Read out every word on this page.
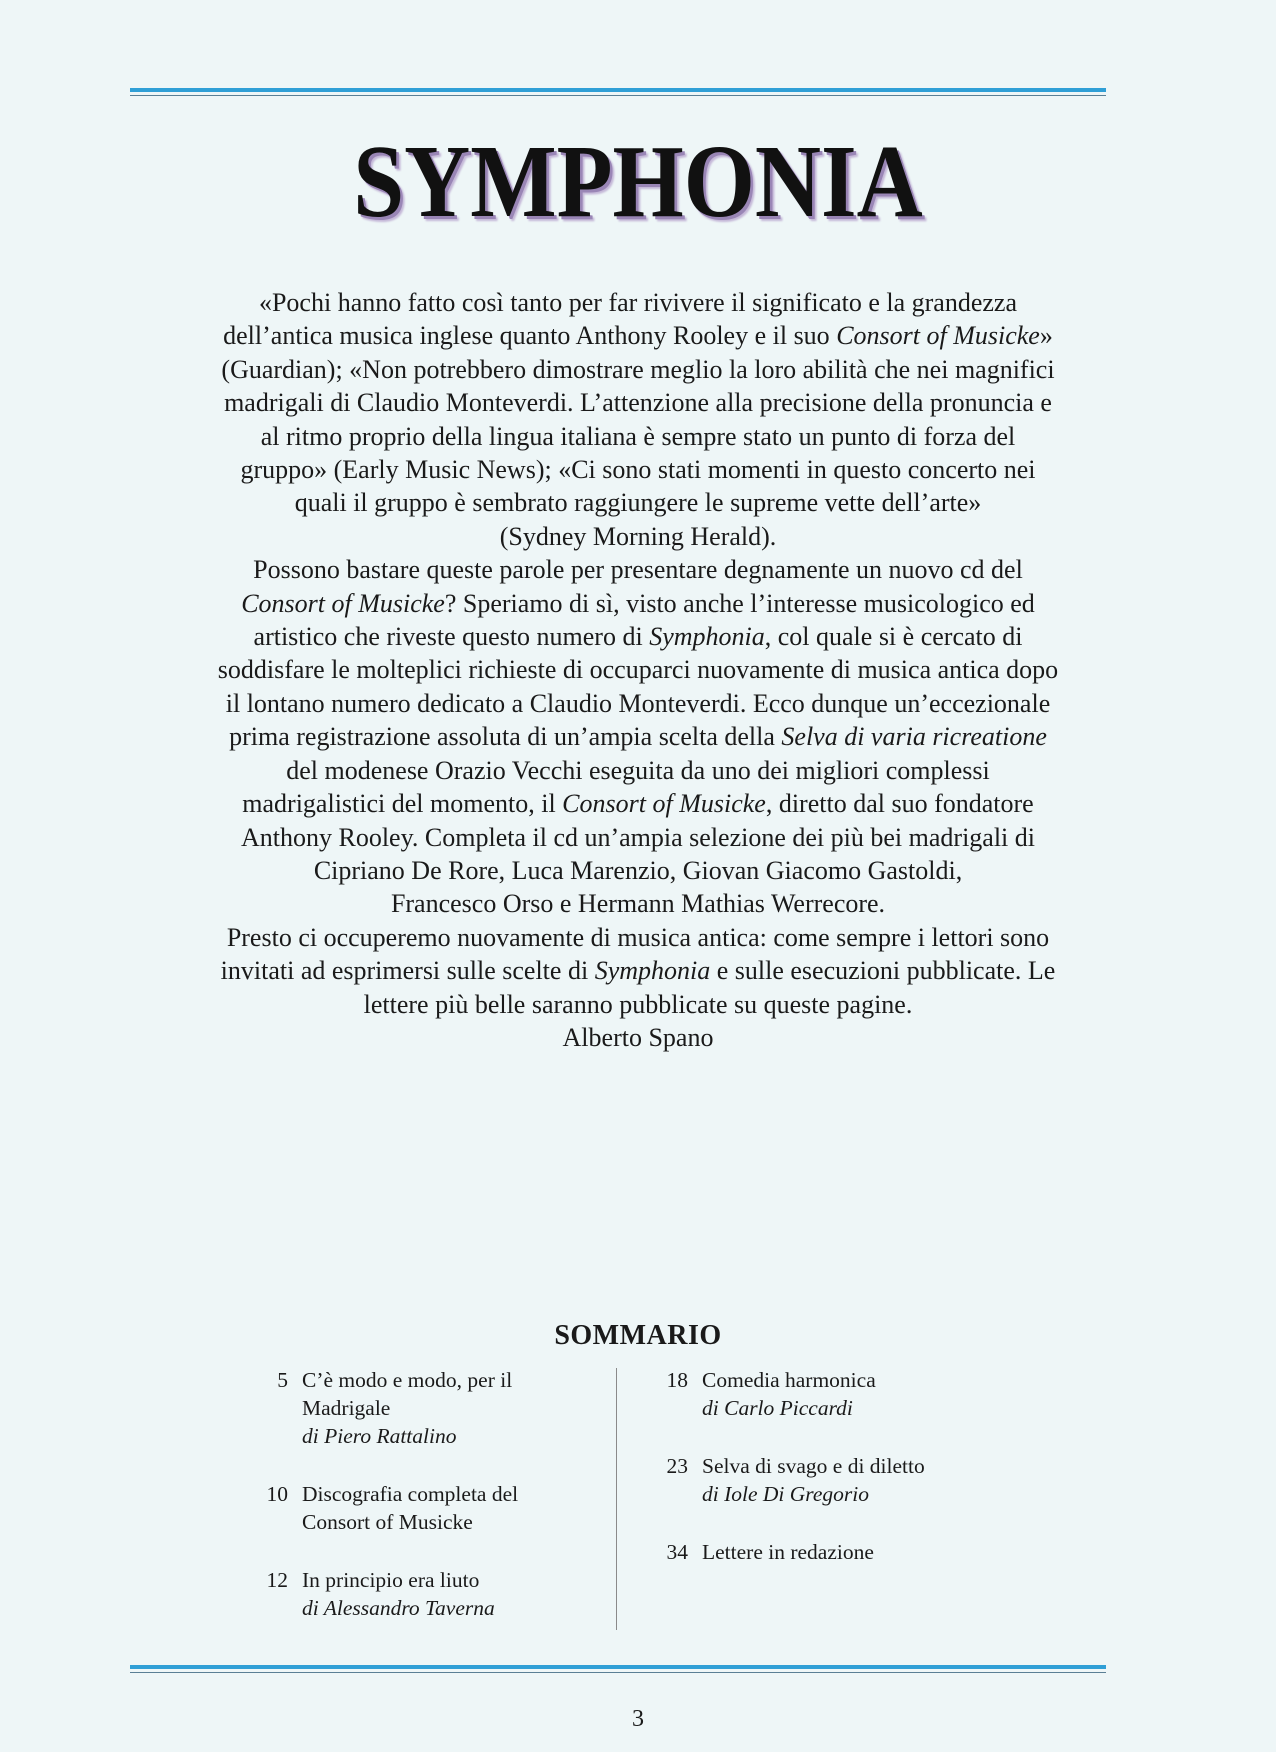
SYMPHONIA

«Pochi hanno fatto così tanto per far rivivere il significato e la grandezza

dell’antica musica inglese quanto Anthony Rooley e il suo Consort of Musicke»

(Guardian); «Non potrebbero dimostrare meglio la loro abilità che nei magnifici

madrigali di Claudio Monteverdi. L’attenzione alla precisione della pronuncia e

al ritmo proprio della lingua italiana è sempre stato un punto di forza del

gruppo» (Early Music News); «Ci sono stati momenti in questo concerto nei

quali il gruppo è sembrato raggiungere le supreme vette dell’arte»

(Sydney Morning Herald).

Possono bastare queste parole per presentare degnamente un nuovo cd del

Consort of Musicke? Speriamo di sì, visto anche l’interesse musicologico ed

artistico che riveste questo numero di Symphonia, col quale si è cercato di

soddisfare le molteplici richieste di occuparci nuovamente di musica antica dopo

il lontano numero dedicato a Claudio Monteverdi. Ecco dunque un’eccezionale

prima registrazione assoluta di un’ampia scelta della Selva di varia ricreatione

del modenese Orazio Vecchi eseguita da uno dei migliori complessi

madrigalistici del momento, il Consort of Musicke, diretto dal suo fondatore

Anthony Rooley. Completa il cd un’ampia selezione dei più bei madrigali di

Cipriano De Rore, Luca Marenzio, Giovan Giacomo Gastoldi,

Francesco Orso e Hermann Mathias Werrecore.

Presto ci occuperemo nuovamente di musica antica: come sempre i lettori sono

invitati ad esprimersi sulle scelte di Symphonia e sulle esecuzioni pubblicate. Le

lettere più belle saranno pubblicate su queste pagine.

Alberto Spano

SOMMARIO
5 C’è modo e modo, per il
Madrigale
di Piero Rattalino
10 Discografia completa del
Consort of Musicke
12 In principio era liuto
di Alessandro Taverna
18 Comedia harmonica
di Carlo Piccardi
23 Selva di svago e di diletto
di Iole Di Gregorio
34 Lettere in redazione
3
